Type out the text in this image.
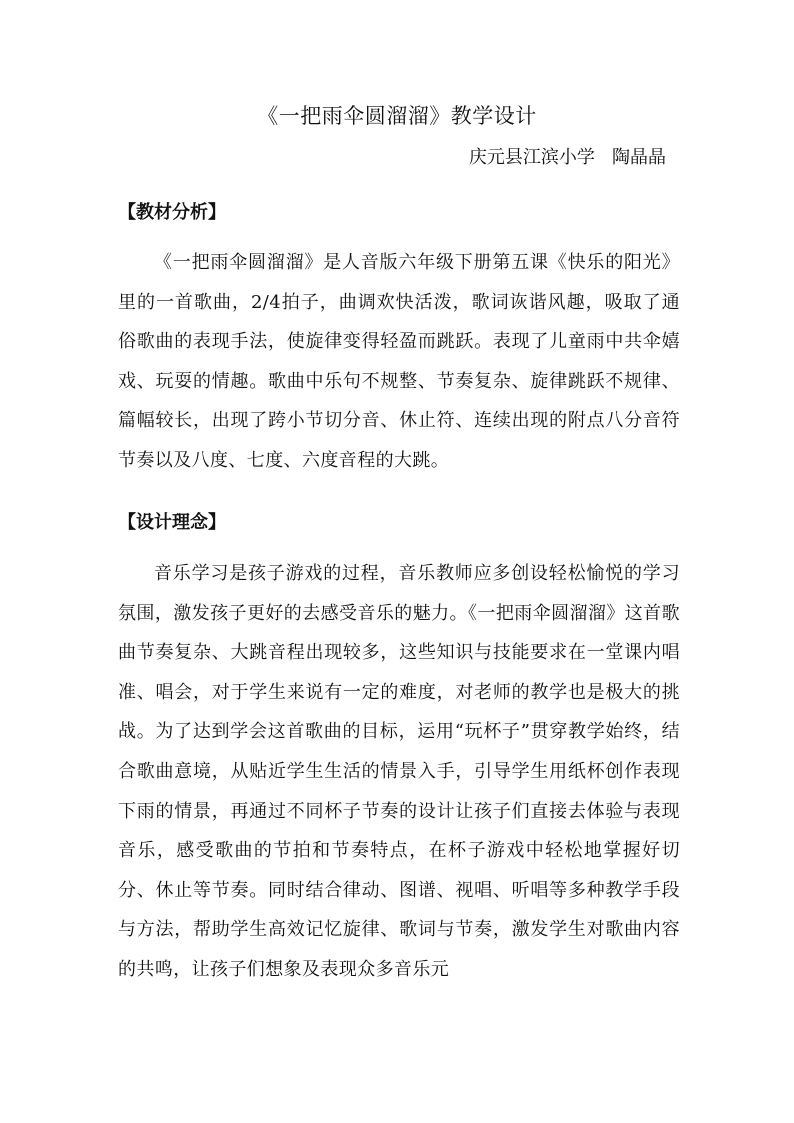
《一把雨伞圆溜溜》教学设计
庆元县江滨小学   陶晶晶
【教材分析】
《一把雨伞圆溜溜》是人音版六年级下册第五课《快乐的阳光》里的一首歌曲，2/4拍子，曲调欢快活泼，歌词诙谐风趣，吸取了通俗歌曲的表现手法，使旋律变得轻盈而跳跃。表现了儿童雨中共伞嬉戏、玩耍的情趣。歌曲中乐句不规整、节奏复杂、旋律跳跃不规律、篇幅较长，出现了跨小节切分音、休止符、连续出现的附点八分音符节奏以及八度、七度、六度音程的大跳。
【设计理念】
音乐学习是孩子游戏的过程，音乐教师应多创设轻松愉悦的学习氛围，激发孩子更好的去感受音乐的魅力。《一把雨伞圆溜溜》这首歌曲节奏复杂、大跳音程出现较多，这些知识与技能要求在一堂课内唱准、唱会，对于学生来说有一定的难度，对老师的教学也是极大的挑战。为了达到学会这首歌曲的目标，运用“玩杯子”贯穿教学始终，结合歌曲意境，从贴近学生生活的情景入手，引导学生用纸杯创作表现下雨的情景，再通过不同杯子节奏的设计让孩子们直接去体验与表现音乐，感受歌曲的节拍和节奏特点，在杯子游戏中轻松地掌握好切分、休止等节奏。同时结合律动、图谱、视唱、听唱等多种教学手段与方法，帮助学生高效记忆旋律、歌词与节奏，激发学生对歌曲内容的共鸣，让孩子们想象及表现众多音乐元
